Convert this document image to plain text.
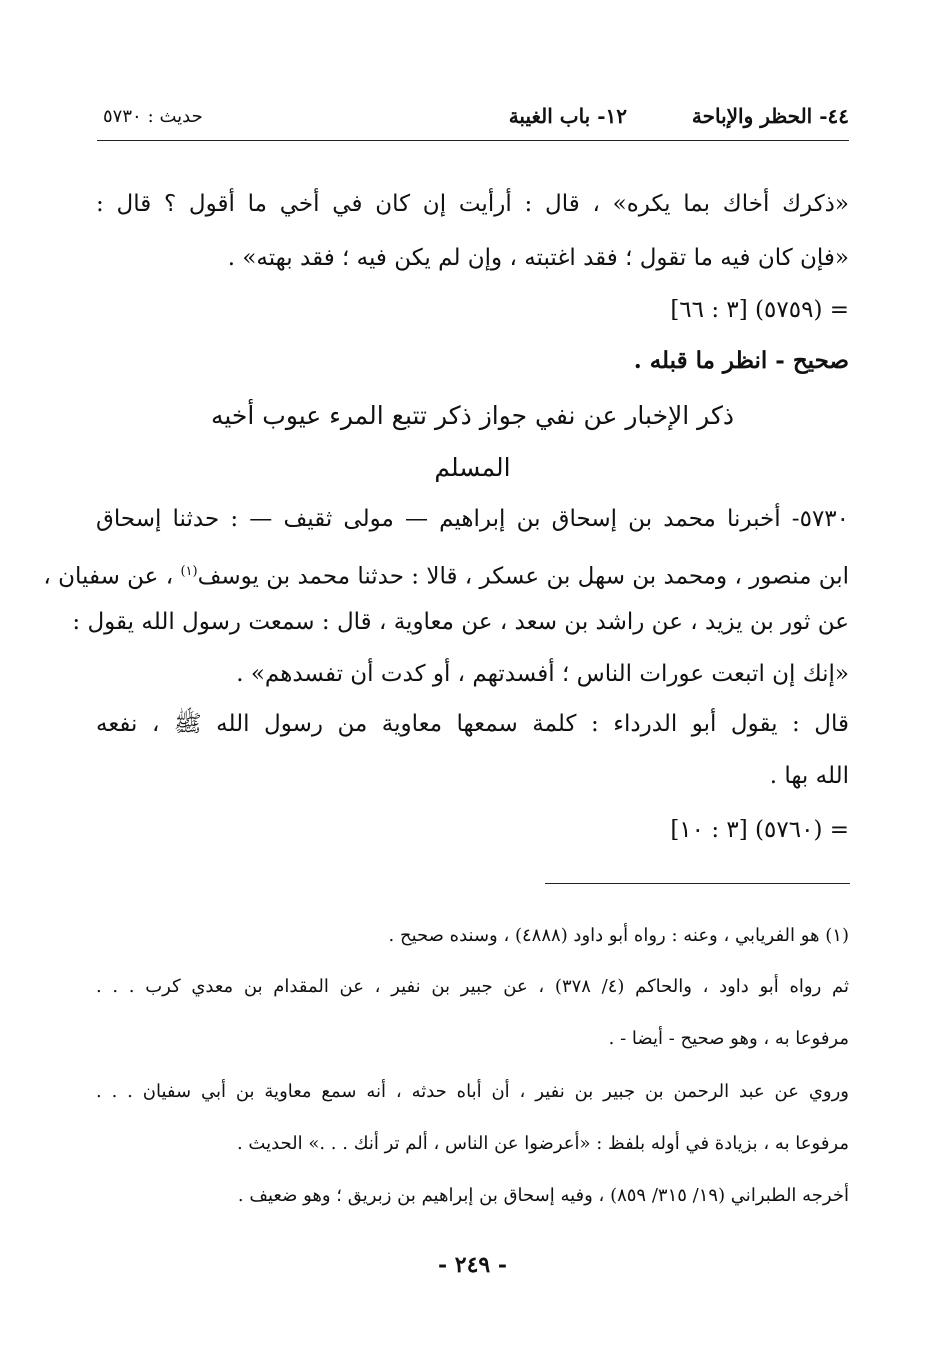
٤٤- الحظر والإباحة
١٢- باب الغيبة
حديث :٥٧٣٠
«ذكرك أخاك بما يكره» ، قال : أرأيت إن كان في أخي ما أقول ؟ قال :
«فإن كان فيه ما تقول ؛ فقد اغتبته ، وإن لم يكن فيه ؛ فقد بهته» .
= (٥٧٥٩) [٣ : ٦٦]
صحيح - انظر ما قبله .
ذكر الإخبار عن نفي جواز ذكر تتبع المرء عيوب أخيه
المسلم
٥٧٣٠- أخبرنا محمد بن إسحاق بن إبراهيم — مولى ثقيف — : حدثنا إسحاق
ابن منصور ، ومحمد بن سهل بن عسكر ، قالا : حدثنا محمد بن يوسف$^{(١)}$ ، عن سفيان ،
عن ثور بن يزيد ، عن راشد بن سعد ، عن معاوية ، قال : سمعت رسول الله يقول :
«إنك إن اتبعت عورات الناس ؛ أفسدتهم ، أو كدت أن تفسدهم» .
قال : يقول أبو الدرداء : كلمة سمعها معاوية من رسول الله ﷺ ، نفعه
الله بها .
= (٥٧٦٠) [٣ : ١٠]
(١) هو الفريابي ، وعنه : رواه أبو داود (٤٨٨٨) ، وسنده صحيح .
ثم رواه أبو داود ، والحاكم (٤/ ٣٧٨) ، عن جبير بن نفير ، عن المقدام بن معدي كرب . . .
مرفوعا به ، وهو صحيح - أيضا - .
وروي عن عبد الرحمن بن جبير بن نفير ، أن أباه حدثه ، أنه سمع معاوية بن أبي سفيان . . .
مرفوعا به ، بزيادة في أوله بلفظ : «أعرضوا عن الناس ، ألم تر أنك . . .» الحديث .
أخرجه الطبراني (١٩/ ٣١٥/ ٨٥٩) ، وفيه إسحاق بن إبراهيم بن زبريق ؛ وهو ضعيف .
- ٢٤٩ -
